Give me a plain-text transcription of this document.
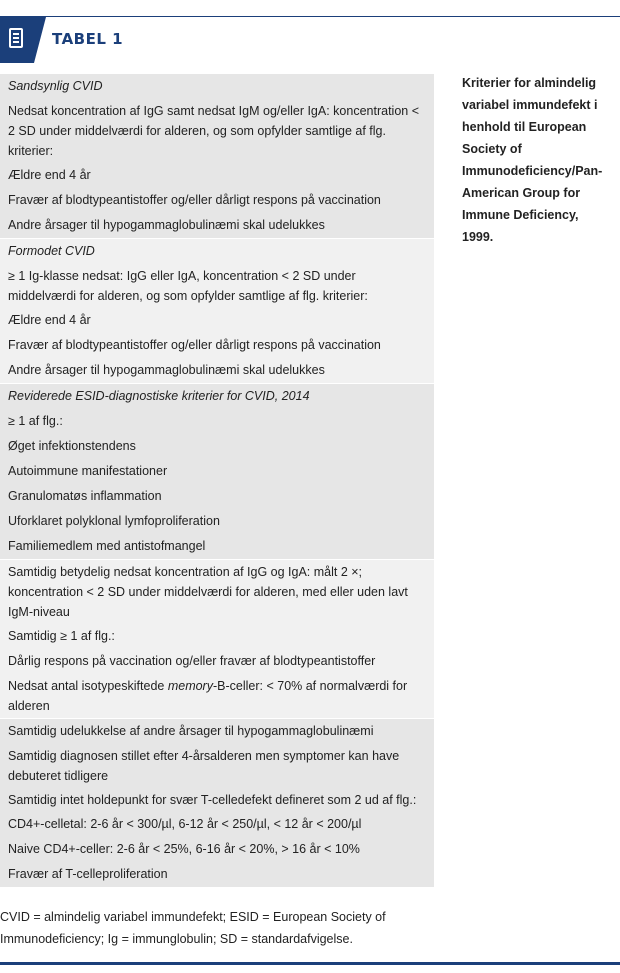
TABEL 1
Sandsynlig CVID
Nedsat koncentration af IgG samt nedsat IgM og/eller IgA: koncentration < 2 SD under middelværdi for alderen, og som opfylder samtlige af flg. kriterier:
Ældre end 4 år
Fravær af blodtypeantistoffer og/eller dårligt respons på vaccination
Andre årsager til hypogammaglobulinæmi skal udelukkes
Formodet CVID
≥ 1 Ig-klasse nedsat: IgG eller IgA, koncentration < 2 SD under middelværdi for alderen, og som opfylder samtlige af flg. kriterier:
Ældre end 4 år
Fravær af blodtypeantistoffer og/eller dårligt respons på vaccination
Andre årsager til hypogammaglobulinæmi skal udelukkes
Reviderede ESID-diagnostiske kriterier for CVID, 2014
≥ 1 af flg.:
Øget infektionstendens
Autoimmune manifestationer
Granulomatøs inflammation
Uforklaret polyklonal lymfoproliferation
Familiemedlem med antistofmangel
Samtidig betydelig nedsat koncentration af IgG og IgA: målt 2 ×; koncentration < 2 SD under middelværdi for alderen, med eller uden lavt IgM-niveau
Samtidig ≥ 1 af flg.:
Dårlig respons på vaccination og/eller fravær af blodtypeantistoffer
Nedsat antal isotypeskiftede memory-B-celler: < 70% af normalværdi for alderen
Samtidig udelukkelse af andre årsager til hypogammaglobulinæmi
Samtidig diagnosen stillet efter 4-årsalderen men symptomer kan have debuteret tidligere
Samtidig intet holdepunkt for svær T-celledefekt defineret som 2 ud af flg.:
CD4+-celletal: 2-6 år < 300/µl, 6-12 år < 250/µl, < 12 år < 200/µl
Naive CD4+-celler: 2-6 år < 25%, 6-16 år < 20%, > 16 år < 10%
Fravær af T-celleproliferation
Kriterier for almindelig variabel immundefekt i henhold til European Society of Immunodeficiency/Pan-American Group for Immune Deficiency, 1999.
CVID = almindelig variabel immundefekt; ESID = European Society of Immunodeficiency; Ig = immunglobulin; SD = standardafvigelse.
